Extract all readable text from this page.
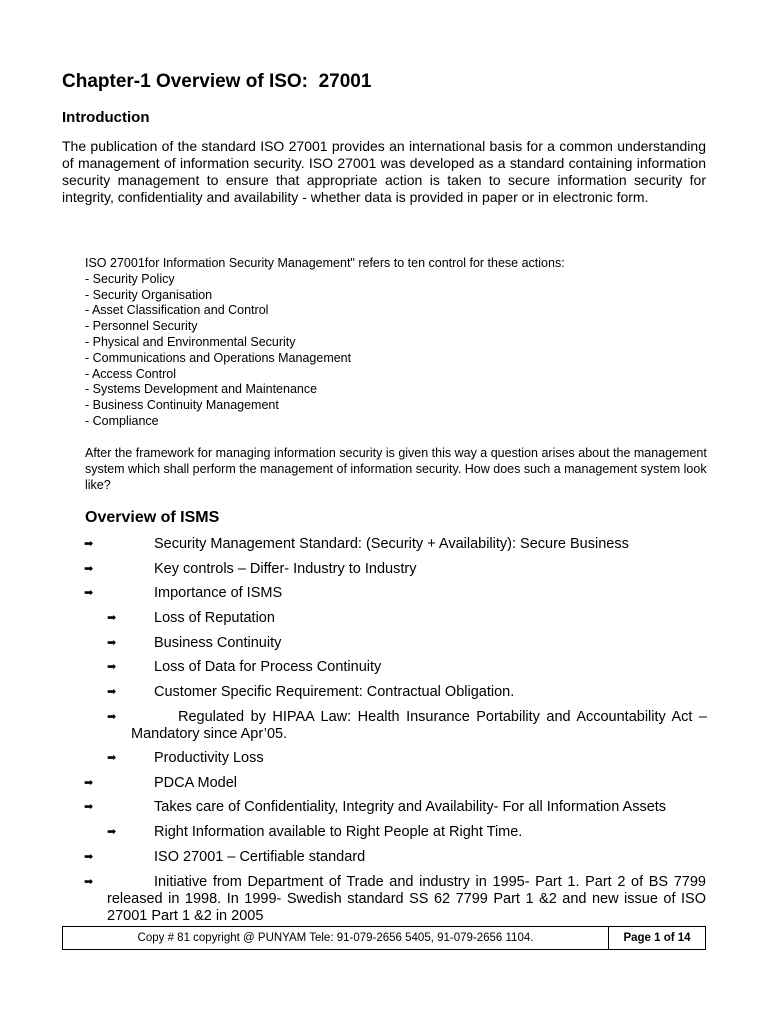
Chapter-1 Overview of ISO:  27001
Introduction

The publication of the standard ISO 27001 provides an international basis for a common understanding of management of information security. ISO 27001 was developed as a standard containing information security management to ensure that appropriate action is taken to secure information security for integrity, confidentiality and availability - whether data is provided in paper or in electronic form.

ISO 27001for Information Security Management" refers to ten control for these actions:
- Security Policy
- Security Organisation
- Asset Classification and Control
- Personnel Security
- Physical and Environmental Security
- Communications and Operations Management
- Access Control
- Systems Development and Maintenance
- Business Continuity Management
- Compliance

After the framework for managing information security is given this way a question arises about the management system which shall perform the management of information security. How does such a management system look like?

Overview of ISMS
➡	Security Management Standard: (Security + Availability): Secure Business
➡	Key controls – Differ- Industry to Industry
➡	Importance of ISMS
➡	Loss of Reputation
➡	Business Continuity
➡	Loss of Data for Process Continuity
➡	Customer Specific Requirement: Contractual Obligation.
➡	Regulated by HIPAA Law: Health Insurance Portability and Accountability Act – Mandatory since Apr’05.
➡	Productivity Loss
➡	PDCA Model
➡	Takes care of Confidentiality, Integrity and Availability- For all Information Assets
➡	Right Information available to Right People at Right Time.
➡	ISO 27001 – Certifiable standard
➡	Initiative from Department of Trade and industry in 1995- Part 1. Part 2 of BS 7799 released in 1998. In 1999- Swedish standard SS 62 7799 Part 1 &2 and new issue of ISO 27001 Part 1 &2 in 2005
Copy # 81 copyright @ PUNYAM Tele: 91-079-2656 5405, 91-079-2656 1104.	Page 1 of 14
